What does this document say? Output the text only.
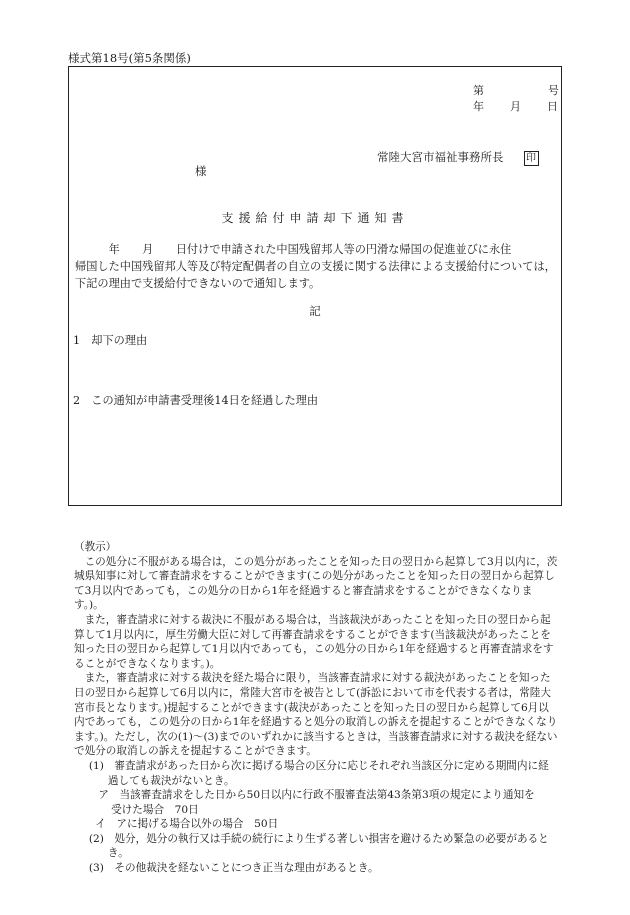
様式第18号(第5条関係)
第	号
年 月 日
常陸大宮市福祉事務所長 印
様
支援給付申請却下通知書

　　　年　　月　　日付けで申請された中国残留邦人等の円滑な帰国の促進並びに永住

帰国した中国残留邦人等及び特定配偶者の自立の支援に関する法律による支援給付については，下記の理由で支援給付できないので通知します。

記
1　却下の理由
2　この通知が申請書受理後14日を経過した理由

（教示）

この処分に不服がある場合は，この処分があったことを知った日の翌日から起算して3月以内に，茨城県知事に対して審査請求をすることができます(この処分があったことを知った日の翌日から起算して3月以内であっても，この処分の日から1年を経過すると審査請求をすることができなくなります。)。

また，審査請求に対する裁決に不服がある場合は，当該裁決があったことを知った日の翌日から起算して1月以内に，厚生労働大臣に対して再審査請求をすることができます(当該裁決があったことを知った日の翌日から起算して1月以内であっても，この処分の日から1年を経過すると再審査請求をすることができなくなります。)。

また，審査請求に対する裁決を経た場合に限り，当該審査請求に対する裁決があったことを知った日の翌日から起算して6月以内に，常陸大宮市を被告として(訴訟において市を代表する者は，常陸大宮市長となります。)提起することができます(裁決があったことを知った日の翌日から起算して6月以内であっても，この処分の日から1年を経過すると処分の取消しの訴えを提起することができなくなります。)。ただし，次の(1)～(3)までのいずれかに該当するときは，当該審査請求に対する裁決を経ないで処分の取消しの訴えを提起することができます。

(1)　審査請求があった日から次に掲げる場合の区分に応じそれぞれ当該区分に定める期間内に経過しても裁決がないとき。

ア　当該審査請求をした日から50日以内に行政不服審査法第43条第3項の規定により通知を

受けた場合　70日

イ　アに掲げる場合以外の場合　50日

(2)　処分，処分の執行又は手続の続行により生ずる著しい損害を避けるため緊急の必要があるとき。

(3)　その他裁決を経ないことにつき正当な理由があるとき。
